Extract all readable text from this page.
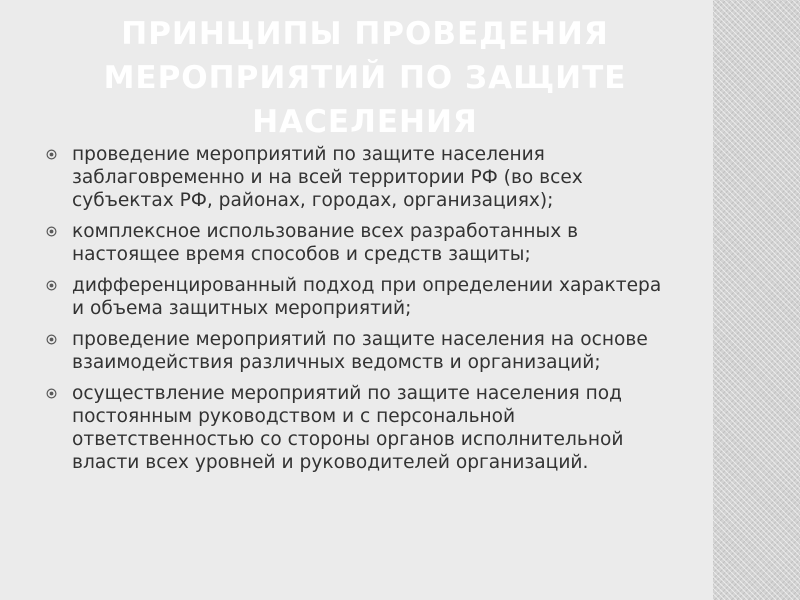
ПРИНЦИПЫ ПРОВЕДЕНИЯ МЕРОПРИЯТИЙ ПО ЗАЩИТЕ НАСЕЛЕНИЯ
проведение мероприятий по защите населения заблаговременно и на всей территории РФ (во всех субъектах РФ, районах, городах, организациях);
комплексное использование всех разработанных в настоящее время способов и средств защиты;
дифференцированный подход при определении характера и объема защитных мероприятий;
проведение мероприятий по защите населения на основе взаимодействия различных ведомств и организаций;
осуществление мероприятий по защите населения под постоянным руководством и с персональной ответственностью со стороны органов исполнительной власти всех уровней и руководителей организаций.
